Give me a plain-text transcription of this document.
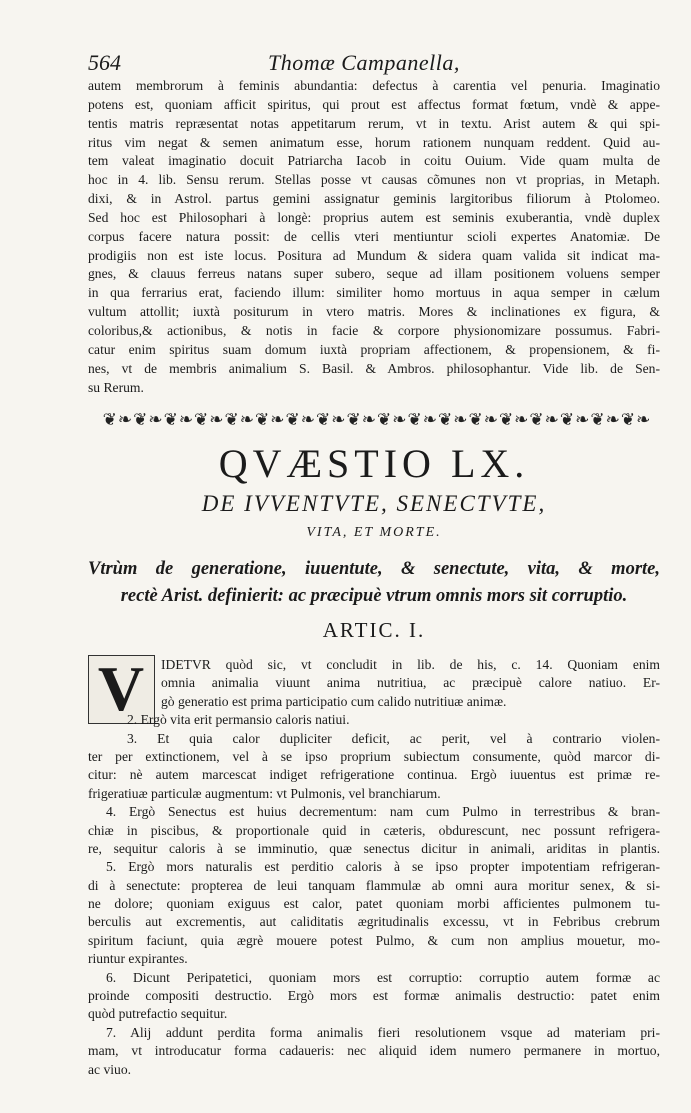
564	Thomæ Campanella,
autem membrorum à feminis abundantia: defectus à carentia vel penuria. Imaginatio
potens est, quoniam afficit spiritus, qui prout est affectus format fœtum, vndè & appe-
tentis matris repræsentat notas appetitarum rerum, vt in textu. Arist autem & qui spi-
ritus vim negat & semen animatum esse, horum rationem nunquam reddent. Quid au-
tem valeat imaginatio docuit Patriarcha Iacob in coitu Ouium. Vide quam multa de
hoc in 4. lib. Sensu rerum. Stellas posse vt causas cõmunes non vt proprias, in Metaph.
dixi, & in Astrol. partus gemini assignatur geminis largitoribus filiorum à Ptolomeo.
Sed hoc est Philosophari à longè: proprius autem est seminis exuberantia, vndè duplex
corpus facere natura possit: de cellis vteri mentiuntur scioli expertes Anatomiæ. De
prodigiis non est iste locus. Positura ad Mundum & sidera quam valida sit indicat ma-
gnes, & clauus ferreus natans super subero, seque ad illam positionem voluens semper
in qua ferrarius erat, faciendo illum: similiter homo mortuus in aqua semper in cælum
vultum attollit; iuxtà positurum in vtero matris. Mores & inclinationes ex figura, &
coloribus,& actionibus, & notis in facie & corpore physionomizare possumus. Fabri-
catur enim spiritus suam domum iuxtà propriam affectionem, & propensionem, & fi-
nes, vt de membris animalium S. Basil. & Ambros. philosophantur. Vide lib. de Sen-
su Rerum.
❦❧❦❧❦❧❦❧❦❧❦❧❦❧❦❧❦❧❦❧❦❧❦❧❦❧❦❧❦❧❦❧❦❧❦❧
QVÆSTIO LX.
DE IVVENTVTE, SENECTVTE,
VITA, ET MORTE.
Vtrùm de generatione, iuuentute, & senectute, vita, & morte,
rectè Arist. definierit: ac præcipuè vtrum omnis mors sit corruptio.
ARTIC. I.
V	IDETVR quòd sic, vt concludit in lib. de his, c. 14. Quoniam enim
omnia animalia viuunt anima nutritiua, ac præcipuè calore natiuo. Er-
gò generatio est prima participatio cum calido nutritiuæ animæ.
2. Ergò vita erit permansio caloris natiui.
3. Et quia calor dupliciter deficit, ac perit, vel à contrario violen-
ter per extinctionem, vel à se ipso proprium subiectum consumente, quòd marcor di-
citur: nè autem marcescat indiget refrigeratione continua. Ergò iuuentus est primæ re-
frigeratiuæ particulæ augmentum: vt Pulmonis, vel branchiarum.
4. Ergò Senectus est huius decrementum: nam cum Pulmo in terrestribus & bran-
chiæ in piscibus, & proportionale quid in cæteris, obdurescunt, nec possunt refrigera-
re, sequitur caloris à se imminutio, quæ senectus dicitur in animali, ariditas in plantis.
5. Ergò mors naturalis est perditio caloris à se ipso propter impotentiam refrigeran-
di à senectute: propterea de leui tanquam flammulæ ab omni aura moritur senex, & si-
ne dolore; quoniam exiguus est calor, patet quoniam morbi afficientes pulmonem tu-
berculis aut excrementis, aut caliditatis ægritudinalis excessu, vt in Febribus crebrum
spiritum faciunt, quia ægrè mouere potest Pulmo, & cum non amplius mouetur, mo-
riuntur expirantes.
6. Dicunt Peripatetici, quoniam mors est corruptio: corruptio autem formæ ac
proinde compositi destructio. Ergò mors est formæ animalis destructio: patet enim
quòd putrefactio sequitur.
7. Alij addunt perdita forma animalis fieri resolutionem vsque ad materiam pri-
mam, vt introducatur forma cadaueris: nec aliquid idem numero permanere in mortuo,
ac viuo.
